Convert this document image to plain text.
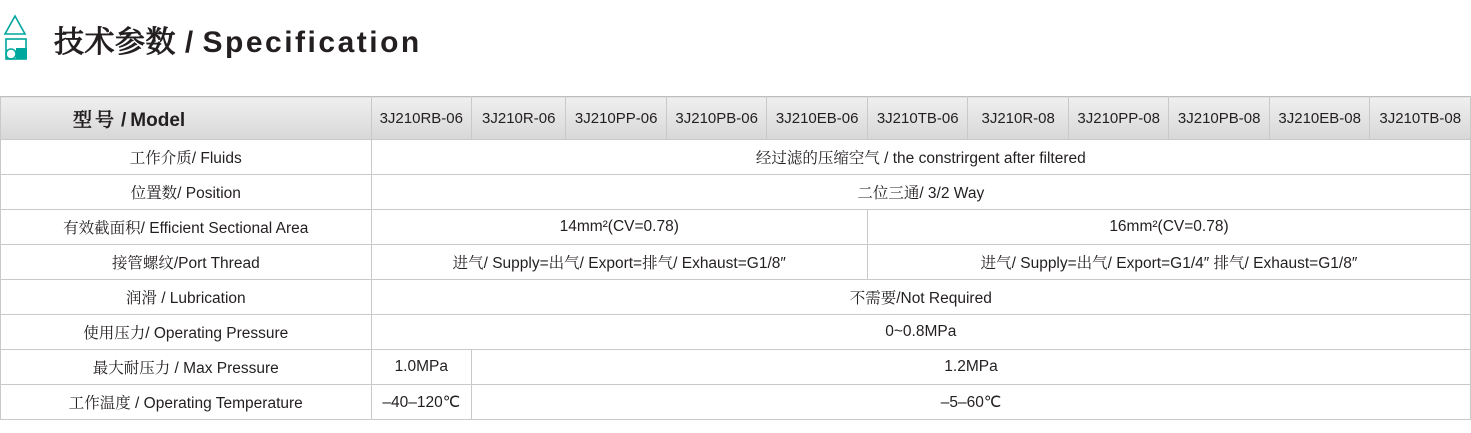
技术参数 / Specification
型号 / Model	3J210RB-06	3J210R-06	3J210PP-06	3J210PB-06	3J210EB-06	3J210TB-06	3J210R-08	3J210PP-08	3J210PB-08	3J210EB-08	3J210TB-08
工作介质/ Fluids	经过滤的压缩空气 / the constrirgent after filtered										
位置数/ Position	二位三通/ 3/2 Way										
有效截面积/ Efficient Sectional Area	14mm²(CV=0.78)					16mm²(CV=0.78)					
接管螺纹/Port Thread	进气/ Supply=出气/ Export=排气/ Exhaust=G1/8″					进气/ Supply=出气/ Export=G1/4″ 排气/ Exhaust=G1/8″					
润滑 / Lubrication	不需要/Not Required										
使用压力/ Operating Pressure	0~0.8MPa										
最大耐压力 / Max Pressure	1.0MPa	1.2MPa									
工作温度 / Operating Temperature	–40–120℃	–5–60℃									
